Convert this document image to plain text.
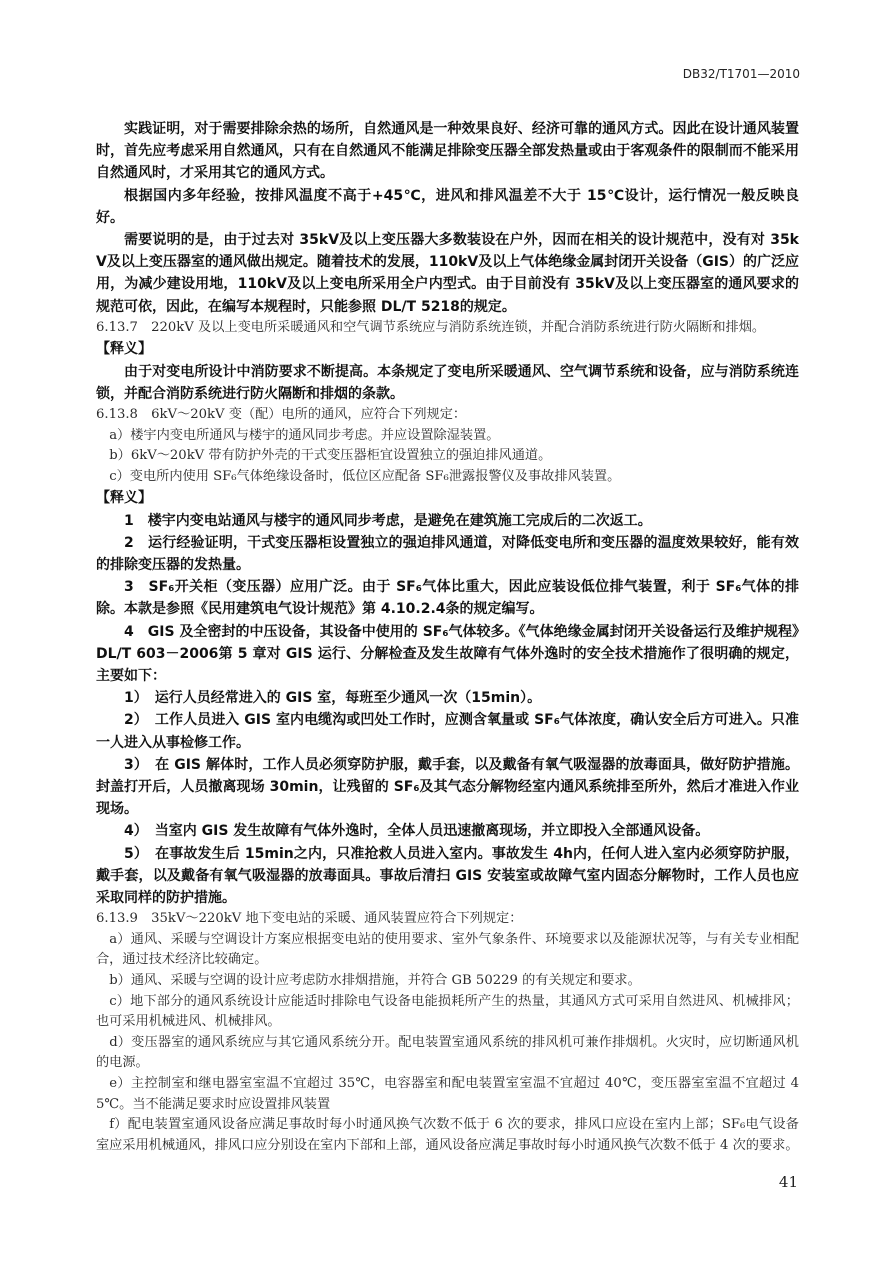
DB32/T1701—2010

实践证明，对于需要排除余热的场所，自然通风是一种效果良好、经济可靠的通风方式。因此在设计通风装置时，首先应考虑采用自然通风，只有在自然通风不能满足排除变压器全部发热量或由于客观条件的限制而不能采用自然通风时，才采用其它的通风方式。

根据国内多年经验，按排风温度不高于+45℃，进风和排风温差不大于 15℃设计，运行情况一般反映良好。

需要说明的是，由于过去对 35kV及以上变压器大多数装设在户外，因而在相关的设计规范中，没有对 35kV及以上变压器室的通风做出规定。随着技术的发展，110kV及以上气体绝缘金属封闭开关设备（GIS）的广泛应用，为减少建设用地，110kV及以上变电所采用全户内型式。由于目前没有 35kV及以上变压器室的通风要求的规范可依，因此，在编写本规程时，只能参照 DL/T 5218的规定。

6.13.7　220kV 及以上变电所采暖通风和空气调节系统应与消防系统连锁，并配合消防系统进行防火隔断和排烟。

【释义】

由于对变电所设计中消防要求不断提高。本条规定了变电所采暖通风、空气调节系统和设备，应与消防系统连锁，并配合消防系统进行防火隔断和排烟的条款。

6.13.8　6kV～20kV 变（配）电所的通风，应符合下列规定：

a）楼宇内变电所通风与楼宇的通风同步考虑。并应设置除湿装置。

b）6kV～20kV 带有防护外壳的干式变压器柜宜设置独立的强迫排风通道。

c）变电所内使用 SF₆气体绝缘设备时，低位区应配备 SF₆泄露报警仪及事故排风装置。

【释义】

1　楼宇内变电站通风与楼宇的通风同步考虑，是避免在建筑施工完成后的二次返工。

2　运行经验证明，干式变压器柜设置独立的强迫排风通道，对降低变电所和变压器的温度效果较好，能有效的排除变压器的发热量。

3　SF₆开关柜（变压器）应用广泛。由于 SF₆气体比重大，因此应装设低位排气装置，利于 SF₆气体的排除。本款是参照《民用建筑电气设计规范》第 4.10.2.4条的规定编写。

4　GIS 及全密封的中压设备，其设备中使用的 SF₆气体较多。《气体绝缘金属封闭开关设备运行及维护规程》DL/T 603－2006第 5 章对 GIS 运行、分解检查及发生故障有气体外逸时的安全技术措施作了很明确的规定，主要如下：

1）　运行人员经常进入的 GIS 室，每班至少通风一次（15min）。

2）　工作人员进入 GIS 室内电缆沟或凹处工作时，应测含氧量或 SF₆气体浓度，确认安全后方可进入。只准一人进入从事检修工作。

3）　在 GIS 解体时，工作人员必须穿防护服，戴手套，以及戴备有氧气吸湿器的放毒面具，做好防护措施。封盖打开后，人员撤离现场 30min，让残留的 SF₆及其气态分解物经室内通风系统排至所外，然后才准进入作业现场。

4）　当室内 GIS 发生故障有气体外逸时，全体人员迅速撤离现场，并立即投入全部通风设备。

5）　在事故发生后 15min之内，只准抢救人员进入室内。事故发生 4h内，任何人进入室内必须穿防护服，戴手套，以及戴备有氧气吸湿器的放毒面具。事故后清扫 GIS 安装室或故障气室内固态分解物时，工作人员也应采取同样的防护措施。

6.13.9　35kV～220kV 地下变电站的采暖、通风装置应符合下列规定：

a）通风、采暖与空调设计方案应根据变电站的使用要求、室外气象条件、环境要求以及能源状况等，与有关专业相配合，通过技术经济比较确定。

b）通风、采暖与空调的设计应考虑防水排烟措施，并符合 GB 50229 的有关规定和要求。

c）地下部分的通风系统设计应能适时排除电气设备电能损耗所产生的热量，其通风方式可采用自然进风、机械排风；也可采用机械进风、机械排风。

d）变压器室的通风系统应与其它通风系统分开。配电装置室通风系统的排风机可兼作排烟机。火灾时，应切断通风机的电源。

e）主控制室和继电器室室温不宜超过 35℃，电容器室和配电装置室室温不宜超过 40℃，变压器室室温不宜超过 45℃。当不能满足要求时应设置排风装置

f）配电装置室通风设备应满足事故时每小时通风换气次数不低于 6 次的要求，排风口应设在室内上部；SF₆电气设备室应采用机械通风，排风口应分别设在室内下部和上部，通风设备应满足事故时每小时通风换气次数不低于 4 次的要求。

41
